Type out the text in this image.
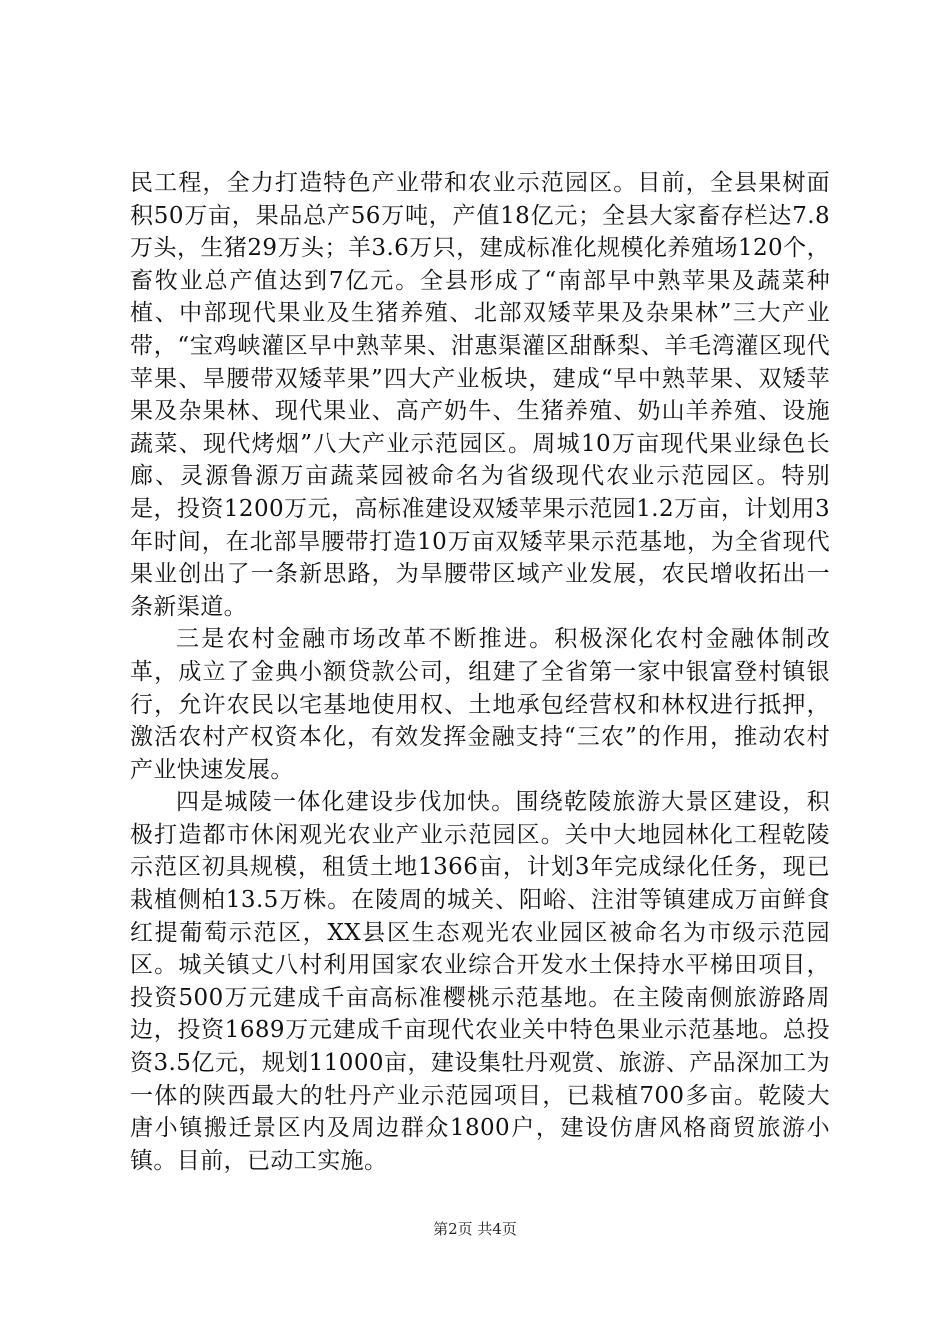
民工程，全力打造特色产业带和农业示范园区。目前，全县果树面积50万亩，果品总产56万吨，产值18亿元；全县大家畜存栏达7.8万头，生猪29万头；羊3.6万只，建成标准化规模化养殖场120个，畜牧业总产值达到7亿元。全县形成了“南部早中熟苹果及蔬菜种植、中部现代果业及生猪养殖、北部双矮苹果及杂果林”三大产业带，“宝鸡峡灌区早中熟苹果、泔惠渠灌区甜酥梨、羊毛湾灌区现代苹果、旱腰带双矮苹果”四大产业板块，建成“早中熟苹果、双矮苹果及杂果林、现代果业、高产奶牛、生猪养殖、奶山羊养殖、设施蔬菜、现代烤烟”八大产业示范园区。周城10万亩现代果业绿色长廊、灵源鲁源万亩蔬菜园被命名为省级现代农业示范园区。特别是，投资1200万元，高标准建设双矮苹果示范园1.2万亩，计划用3年时间，在北部旱腰带打造10万亩双矮苹果示范基地，为全省现代果业创出了一条新思路，为旱腰带区域产业发展，农民增收拓出一条新渠道。

三是农村金融市场改革不断推进。积极深化农村金融体制改革，成立了金典小额贷款公司，组建了全省第一家中银富登村镇银行，允许农民以宅基地使用权、土地承包经营权和林权进行抵押，激活农村产权资本化，有效发挥金融支持“三农”的作用，推动农村产业快速发展。

四是城陵一体化建设步伐加快。围绕乾陵旅游大景区建设，积极打造都市休闲观光农业产业示范园区。关中大地园林化工程乾陵示范区初具规模，租赁土地1366亩，计划3年完成绿化任务，现已栽植侧柏13.5万株。在陵周的城关、阳峪、注泔等镇建成万亩鲜食红提葡萄示范区，XX县区生态观光农业园区被命名为市级示范园区。城关镇丈八村利用国家农业综合开发水土保持水平梯田项目，投资500万元建成千亩高标准樱桃示范基地。在主陵南侧旅游路周边，投资1689万元建成千亩现代农业关中特色果业示范基地。总投资3.5亿元，规划11000亩，建设集牡丹观赏、旅游、产品深加工为一体的陕西最大的牡丹产业示范园项目，已栽植700多亩。乾陵大唐小镇搬迁景区内及周边群众1800户，建设仿唐风格商贸旅游小镇。目前，已动工实施。

第2页 共4页
